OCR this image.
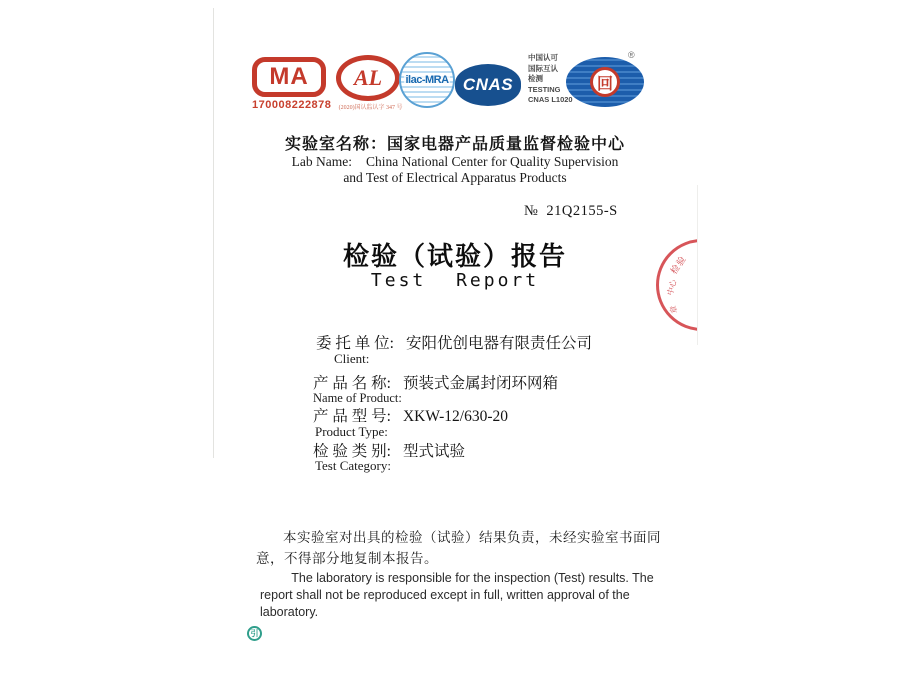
MA
170008222878
AL
(2020)国认监认字 347 号
ilac-MRA CNAS
中国认可
国际互认
检测
TESTING
CNAS L1020
回
®
实验室名称：国家电器产品质量监督检验中心
Lab Name: China National Center for Quality Supervision
and Test of Electrical Apparatus Products
№ 21Q2155-S
检验（试验）报告
Test Report
检验
中心
章
委 托 单 位: 安阳优创电器有限责任公司
Client:
产 品 名 称: 预装式金属封闭环网箱
Name of Product:
产 品 型 号: XKW-12/630-20
Product Type:
检 验 类 别: 型式试验
Test Category:
本实验室对出具的检验（试验）结果负责，未经实验室书面同意，不得部分地复制本报告。
The laboratory is responsible for the inspection (Test) results. The report shall not be reproduced except in full, written approval of the laboratory.
引
